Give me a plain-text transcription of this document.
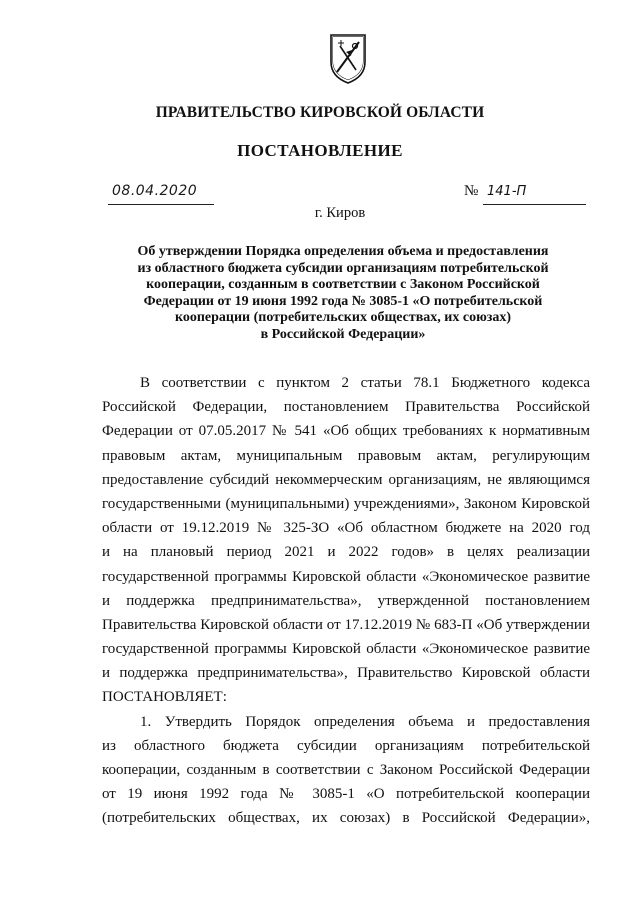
ПРАВИТЕЛЬСТВО КИРОВСКОЙ ОБЛАСТИ
ПОСТАНОВЛЕНИЕ
08.04.2020	№ 141-П
г. Киров
Об утверждении Порядка определения объема и предоставления
из областного бюджета субсидии организациям потребительской
кооперации, созданным в соответствии с Законом Российской
Федерации от 19 июня 1992 года № 3085-1 «О потребительской
кооперации (потребительских обществах, их союзах)
в Российской Федерации»
В соответствии с пунктом 2 статьи 78.1 Бюджетного кодекса
Российской Федерации, постановлением Правительства Российской
Федерации от 07.05.2017 № 541 «Об общих требованиях к нормативным
правовым актам, муниципальным правовым актам, регулирующим
предоставление субсидий некоммерческим организациям, не являющимся
государственными (муниципальными) учреждениями», Законом Кировской
области от 19.12.2019 № 325-ЗО «Об областном бюджете на 2020 год
и на плановый период 2021 и 2022 годов» в целях реализации
государственной программы Кировской области «Экономическое развитие
и поддержка предпринимательства», утвержденной постановлением
Правительства Кировской области от 17.12.2019 № 683-П «Об утверждении
государственной программы Кировской области «Экономическое развитие
и поддержка предпринимательства», Правительство Кировской области
ПОСТАНОВЛЯЕТ:
1. Утвердить Порядок определения объема и предоставления
из областного бюджета субсидии организациям потребительской
кооперации, созданным в соответствии с Законом Российской Федерации
от 19 июня 1992 года № 3085-1 «О потребительской кооперации
(потребительских обществах, их союзах) в Российской Федерации»,
